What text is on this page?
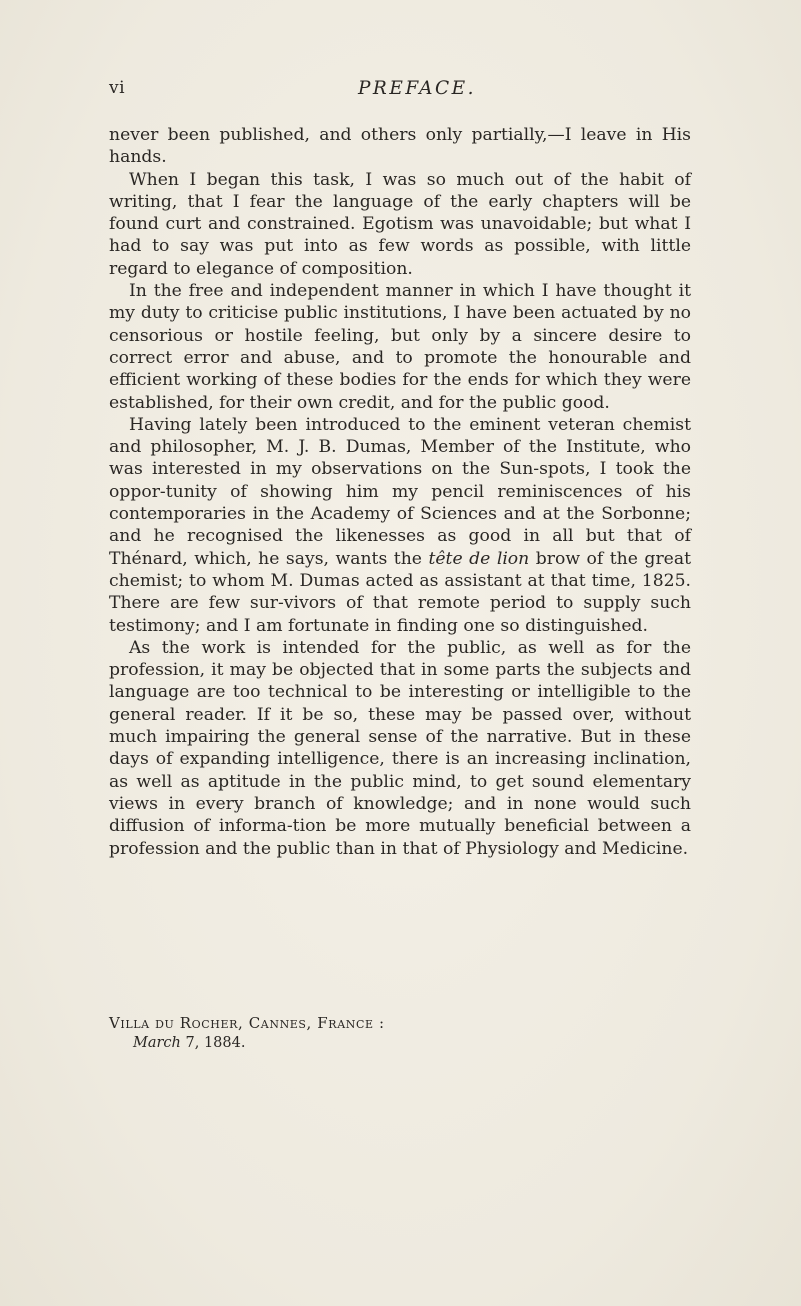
vi	PREFACE.

never been published, and others only partially,—I leave in His hands.

When I began this task, I was so much out of the habit of writing, that I fear the language of the early chapters will be found curt and constrained. Egotism was unavoidable; but what I had to say was put into as few words as possible, with little regard to elegance of composition.

In the free and independent manner in which I have thought it my duty to criticise public institutions, I have been actuated by no censorious or hostile feeling, but only by a sincere desire to correct error and abuse, and to promote the honourable and efficient working of these bodies for the ends for which they were established, for their own credit, and for the public good.

Having lately been introduced to the eminent veteran chemist and philosopher, M. J. B. Dumas, Member of the Institute, who was interested in my observations on the Sun-spots, I took the oppor-tunity of showing him my pencil reminiscences of his contemporaries in the Academy of Sciences and at the Sorbonne; and he recognised the likenesses as good in all but that of Thénard, which, he says, wants the tête de lion brow of the great chemist; to whom M. Dumas acted as assistant at that time, 1825. There are few sur-vivors of that remote period to supply such testimony; and I am fortunate in finding one so distinguished.

As the work is intended for the public, as well as for the profession, it may be objected that in some parts the subjects and language are too technical to be interesting or intelligible to the general reader. If it be so, these may be passed over, without much impairing the general sense of the narrative. But in these days of expanding intelligence, there is an increasing inclination, as well as aptitude in the public mind, to get sound elementary views in every branch of knowledge; and in none would such diffusion of informa-tion be more mutually beneficial between a profession and the public than in that of Physiology and Medicine.

Villa du Rocher, Cannes, France :
March 7, 1884.
